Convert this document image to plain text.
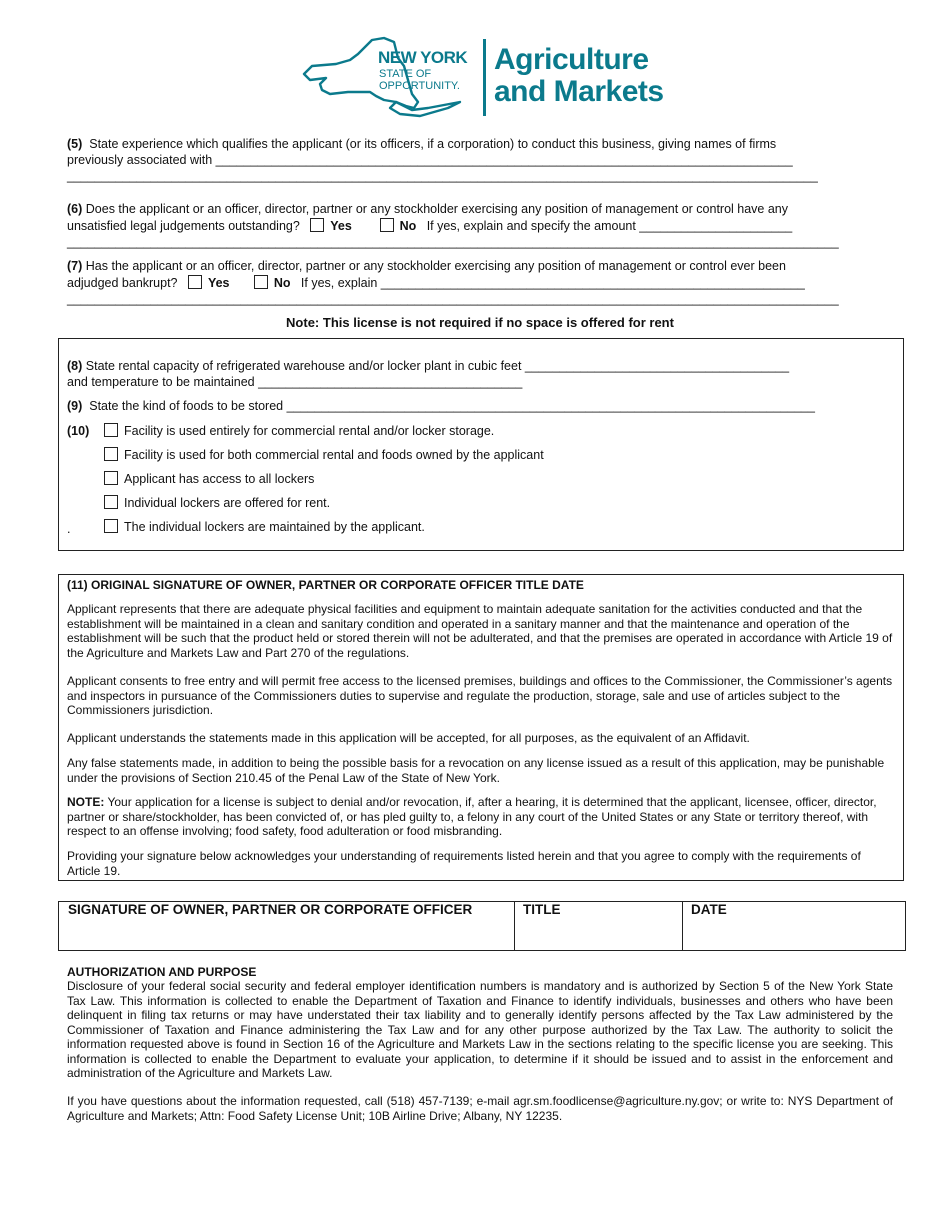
NEW YORK
STATE OF
OPPORTUNITY.
Agriculture
and Markets
(5) State experience which qualifies the applicant (or its officers, if a corporation) to conduct this business, giving names of firms
previously associated with ___________________________________________________________________________________
____________________________________________________________________________________________________________
(6) Does the applicant or an officer, director, partner or any stockholder exercising any position of management or control have any
unsatisfied legal judgements outstanding? Yes	No If yes, explain and specify the amount ______________________
_______________________________________________________________________________________________________________
(7) Has the applicant or an officer, director, partner or any stockholder exercising any position of management or control ever been
adjudged bankrupt? Yes	No If yes, explain _____________________________________________________________
_______________________________________________________________________________________________________________
Note: This license is not required if no space is offered for rent
(8) State rental capacity of refrigerated warehouse and/or locker plant in cubic feet ______________________________________
and temperature to be maintained ______________________________________
(9) State the kind of foods to be stored ____________________________________________________________________________
(10)	Facility is used entirely for commercial rental and/or locker storage.
Facility is used for both commercial rental and foods owned by the applicant
Applicant has access to all lockers
Individual lockers are offered for rent.
.	The individual lockers are maintained by the applicant.
(11) ORIGINAL SIGNATURE OF OWNER, PARTNER OR CORPORATE OFFICER TITLE DATE
Applicant represents that there are adequate physical facilities and equipment to maintain adequate sanitation for the activities conducted and that the establishment will be maintained in a clean and sanitary condition and operated in a sanitary manner and that the maintenance and operation of the establishment will be such that the product held or stored therein will not be adulterated, and that the premises are operated in accordance with Article 19 of the Agriculture and Markets Law and Part 270 of the regulations.
Applicant consents to free entry and will permit free access to the licensed premises, buildings and offices to the Commissioner, the Commissioner’s agents and inspectors in pursuance of the Commissioners duties to supervise and regulate the production, storage, sale and use of articles subject to the Commissioners jurisdiction.
Applicant understands the statements made in this application will be accepted, for all purposes, as the equivalent of an Affidavit.
Any false statements made, in addition to being the possible basis for a revocation on any license issued as a result of this application, may be punishable under the provisions of Section 210.45 of the Penal Law of the State of New York.
NOTE: Your application for a license is subject to denial and/or revocation, if, after a hearing, it is determined that the applicant, licensee, officer, director, partner or share/stockholder, has been convicted of, or has pled guilty to, a felony in any court of the United States or any State or territory thereof, with respect to an offense involving; food safety, food adulteration or food misbranding.
Providing your signature below acknowledges your understanding of requirements listed herein and that you agree to comply with the requirements of Article 19.
SIGNATURE OF OWNER, PARTNER OR CORPORATE OFFICER	TITLE	DATE
AUTHORIZATION AND PURPOSE
Disclosure of your federal social security and federal employer identification numbers is mandatory and is authorized by Section 5 of the New York State Tax Law. This information is collected to enable the Department of Taxation and Finance to identify individuals, businesses and others who have been delinquent in filing tax returns or may have understated their tax liability and to generally identify persons affected by the Tax Law administered by the Commissioner of Taxation and Finance administering the Tax Law and for any other purpose authorized by the Tax Law. The authority to solicit the information requested above is found in Section 16 of the Agriculture and Markets Law in the sections relating to the specific license you are seeking. This information is collected to enable the Department to evaluate your application, to determine if it should be issued and to assist in the enforcement and administration of the Agriculture and Markets Law.
If you have questions about the information requested, call (518) 457-7139; e-mail agr.sm.foodlicense@agriculture.ny.gov; or write to: NYS Department of Agriculture and Markets; Attn: Food Safety License Unit; 10B Airline Drive; Albany, NY 12235.
